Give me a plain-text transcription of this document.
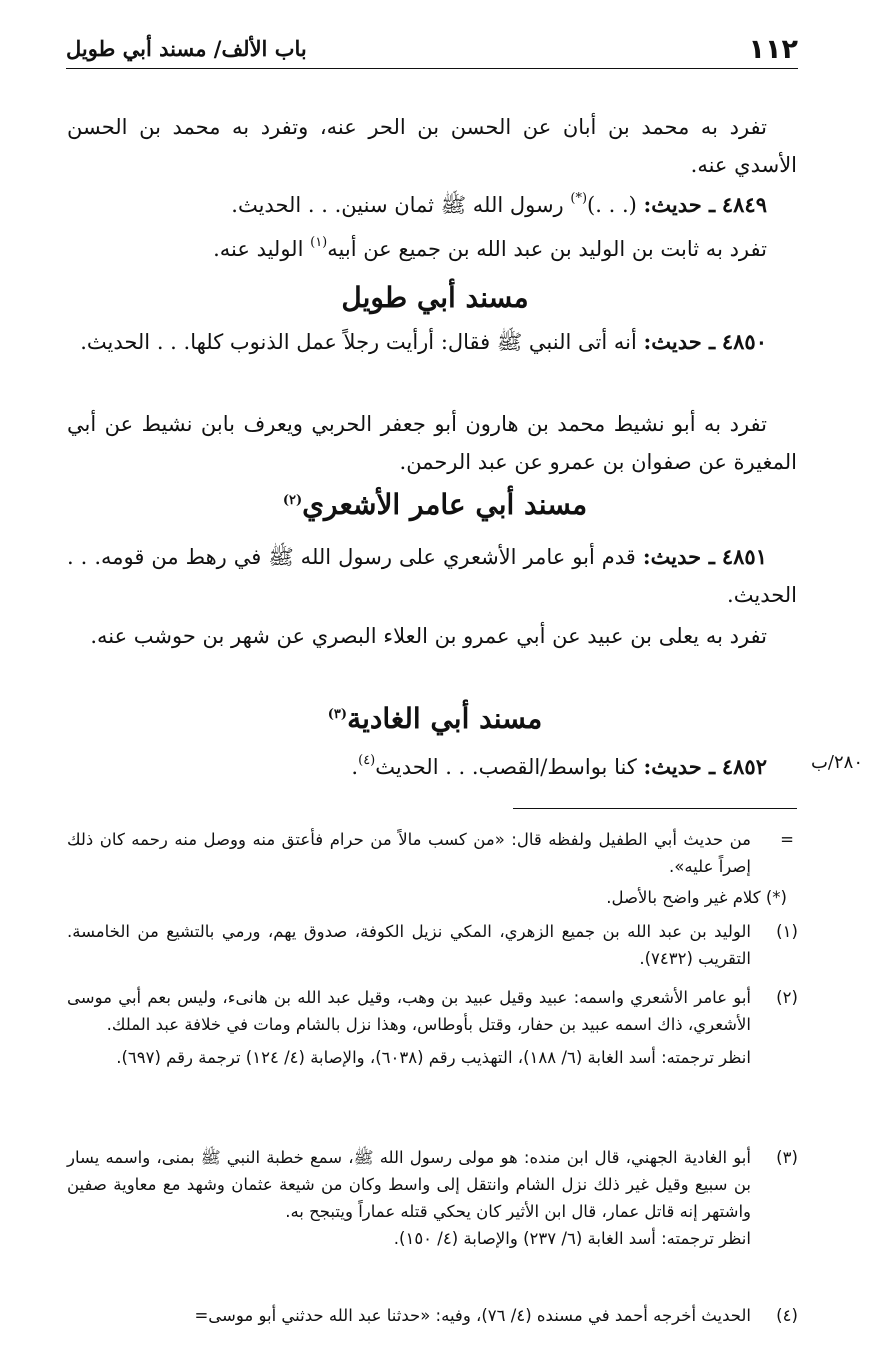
١١٢
باب الألف/ مسند أبي طويل
تفرد به محمد بن أبان عن الحسن بن الحر عنه، وتفرد به محمد بن الحسن الأسدي عنه.
٤٨٤٩ ـ حديث: (. . .)(*) رسول الله ﷺ ثمان سنين. . . الحديث.
تفرد به ثابت بن الوليد بن عبد الله بن جميع عن أبيه$^{(١)}$ الوليد عنه.
مسند أبي طويل
٤٨٥٠ ـ حديث: أنه أتى النبي ﷺ فقال: أرأيت رجلاً عمل الذنوب كلها. . . الحديث.
تفرد به أبو نشيط محمد بن هارون أبو جعفر الحربي ويعرف بابن نشيط عن أبي المغيرة عن صفوان بن عمرو عن عبد الرحمن.
مسند أبي عامر الأشعري$^{(٢)}$
٤٨٥١ ـ حديث: قدم أبو عامر الأشعري على رسول الله ﷺ في رهط من قومه. . . الحديث.
تفرد به يعلى بن عبيد عن أبي عمرو بن العلاء البصري عن شهر بن حوشب عنه.
مسند أبي الغادية$^{(٣)}$
٤٨٥٢ ـ حديث: كنا بواسط/القصب. . . الحديث$^{(٤)}$.	٢٨٠/ب
=
من حديث أبي الطفيل ولفظه قال: «من كسب مالاً من حرام فأعتق منه ووصل منه رحمه كان ذلك إصراً عليه».
(*) كلام غير واضح بالأصل.
(١)
الوليد بن عبد الله بن جميع الزهري، المكي نزيل الكوفة، صدوق يهم، ورمي بالتشيع من الخامسة. التقريب (٧٤٣٢).
(٢)
أبو عامر الأشعري واسمه: عبيد وقيل عبيد بن وهب، وقيل عبد الله بن هانىء، وليس بعم أبي موسى الأشعري، ذاك اسمه عبيد بن حفار، وقتل بأوطاس، وهذا نزل بالشام ومات في خلافة عبد الملك.
انظر ترجمته: أسد الغابة (٦/ ١٨٨)، التهذيب رقم (٦٠٣٨)، والإصابة (٤/ ١٢٤) ترجمة رقم (٦٩٧).
(٣)
أبو الغادية الجهني، قال ابن منده: هو مولى رسول الله ﷺ، سمع خطبة النبي ﷺ بمنى، واسمه يسار بن سبيع وقيل غير ذلك نزل الشام وانتقل إلى واسط وكان من شيعة عثمان وشهد مع معاوية صفين واشتهر إنه قاتل عمار، قال ابن الأثير كان يحكي قتله عماراً ويتبجح به.
انظر ترجمته: أسد الغابة (٦/ ٢٣٧) والإصابة (٤/ ١٥٠).
(٤)
الحديث أخرجه أحمد في مسنده (٤/ ٧٦)، وفيه: «حدثنا عبد الله حدثني أبو موسى=
